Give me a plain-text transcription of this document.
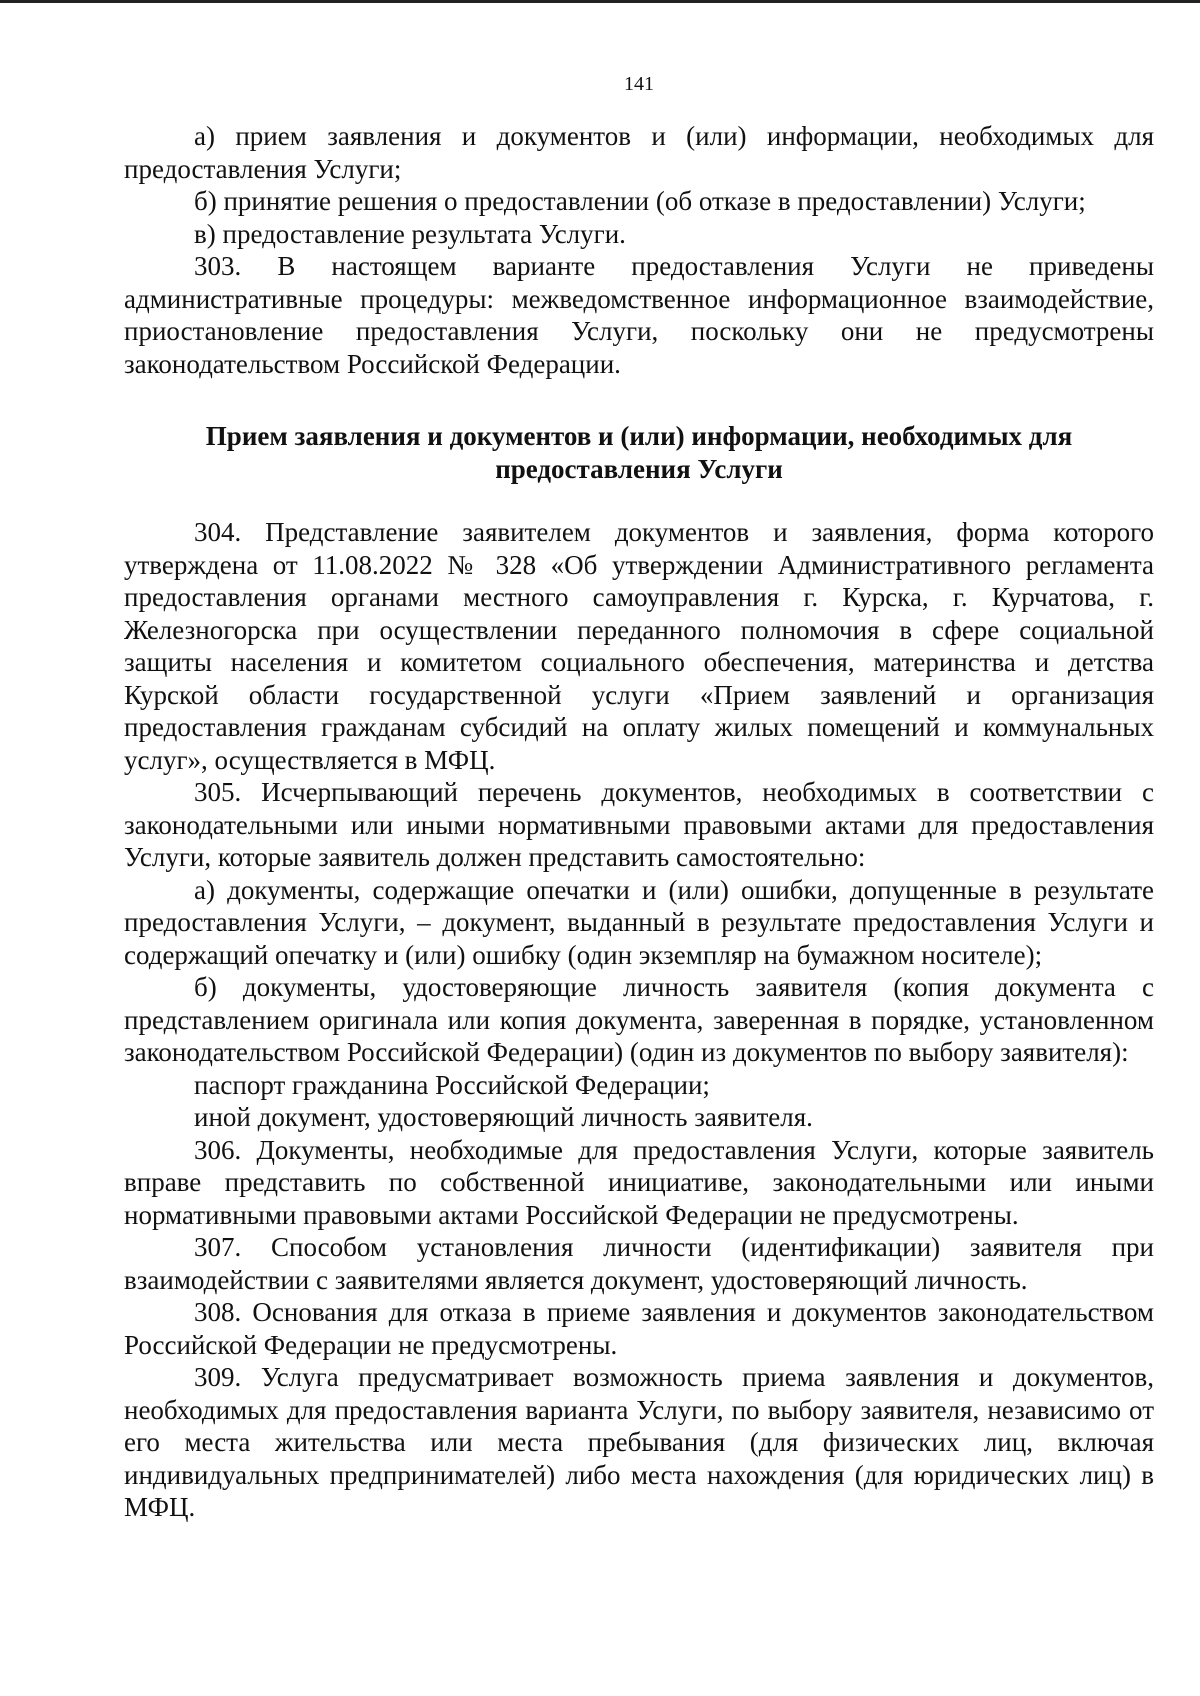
141

а) прием заявления и документов и (или) информации, необходимых для предоставления Услуги;

б) принятие решения о предоставлении (об отказе в предоставлении) Услуги;

в) предоставление результата Услуги.

303. В настоящем варианте предоставления Услуги не приведены административные процедуры: межведомственное информационное взаимодействие, приостановление предоставления Услуги, поскольку они не предусмотрены законодательством Российской Федерации.

Прием заявления и документов и (или) информации, необходимых для предоставления Услуги

304. Представление заявителем документов и заявления, форма которого утверждена от 11.08.2022 № 328 «Об утверждении Административного регламента предоставления органами местного самоуправления г. Курска, г. Курчатова, г. Железногорска при осуществлении переданного полномочия в сфере социальной защиты населения и комитетом социального обеспечения, материнства и детства Курской области государственной услуги «Прием заявлений и организация предоставления гражданам субсидий на оплату жилых помещений и коммунальных услуг», осуществляется в МФЦ.

305. Исчерпывающий перечень документов, необходимых в соответствии с законодательными или иными нормативными правовыми актами для предоставления Услуги, которые заявитель должен представить самостоятельно:

а) документы, содержащие опечатки и (или) ошибки, допущенные в результате предоставления Услуги, – документ, выданный в результате предоставления Услуги и содержащий опечатку и (или) ошибку (один экземпляр на бумажном носителе);

б) документы, удостоверяющие личность заявителя (копия документа с представлением оригинала или копия документа, заверенная в порядке, установленном законодательством Российской Федерации) (один из документов по выбору заявителя):

паспорт гражданина Российской Федерации;

иной документ, удостоверяющий личность заявителя.

306. Документы, необходимые для предоставления Услуги, которые заявитель вправе представить по собственной инициативе, законодательными или иными нормативными правовыми актами Российской Федерации не предусмотрены.

307. Способом установления личности (идентификации) заявителя при взаимодействии с заявителями является документ, удостоверяющий личность.

308. Основания для отказа в приеме заявления и документов законодательством Российской Федерации не предусмотрены.

309. Услуга предусматривает возможность приема заявления и документов, необходимых для предоставления варианта Услуги, по выбору заявителя, независимо от его места жительства или места пребывания (для физических лиц, включая индивидуальных предпринимателей) либо места нахождения (для юридических лиц) в МФЦ.
